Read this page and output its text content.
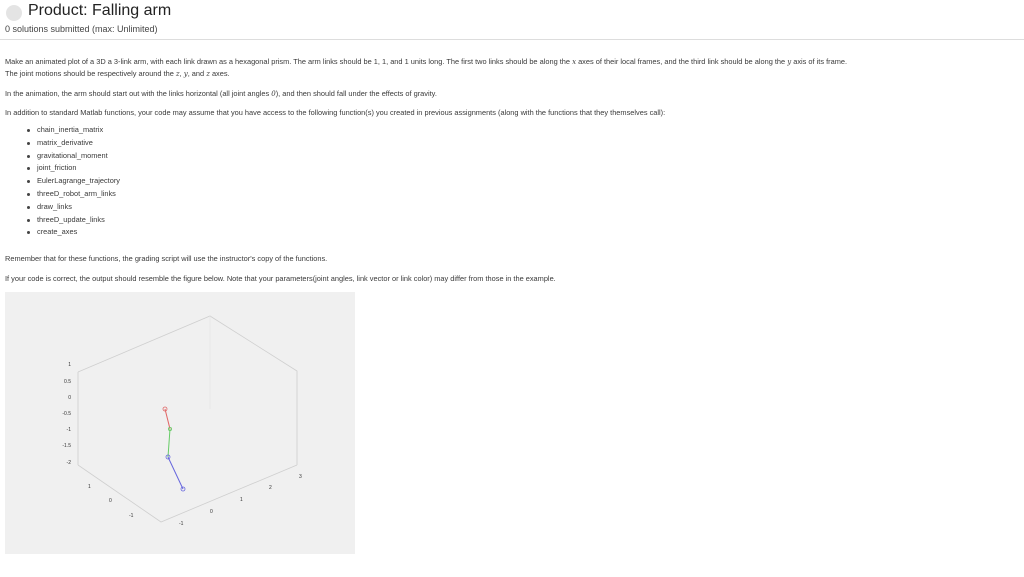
Product: Falling arm
0 solutions submitted (max: Unlimited)

Make an animated plot of a 3D a 3-link arm, with each link drawn as a hexagonal prism. The arm links should be 1, 1, and 1 units long. The first two links should be along the x axes of their local frames, and the third link should be along the y axis of its frame.
The joint motions should be respectively around the z, y, and z axes.

In the animation, the arm should start out with the links horizontal (all joint angles 0), and then should fall under the effects of gravity.

In addition to standard Matlab functions, your code may assume that you have access to the following function(s) you created in previous assignments (along with the functions that they themselves call):

chain_inertia_matrix
matrix_derivative
gravitational_moment
joint_friction
EulerLagrange_trajectory
threeD_robot_arm_links
draw_links
threeD_update_links
create_axes

Remember that for these functions, the grading script will use the instructor's copy of the functions.

If your code is correct, the output should resemble the figure below. Note that your parameters(joint angles, link vector or link color) may differ from those in the example.

1
0.5
0
-0.5
-1
-1.5
-2
1
0
-1
-1
0
1
2
3
